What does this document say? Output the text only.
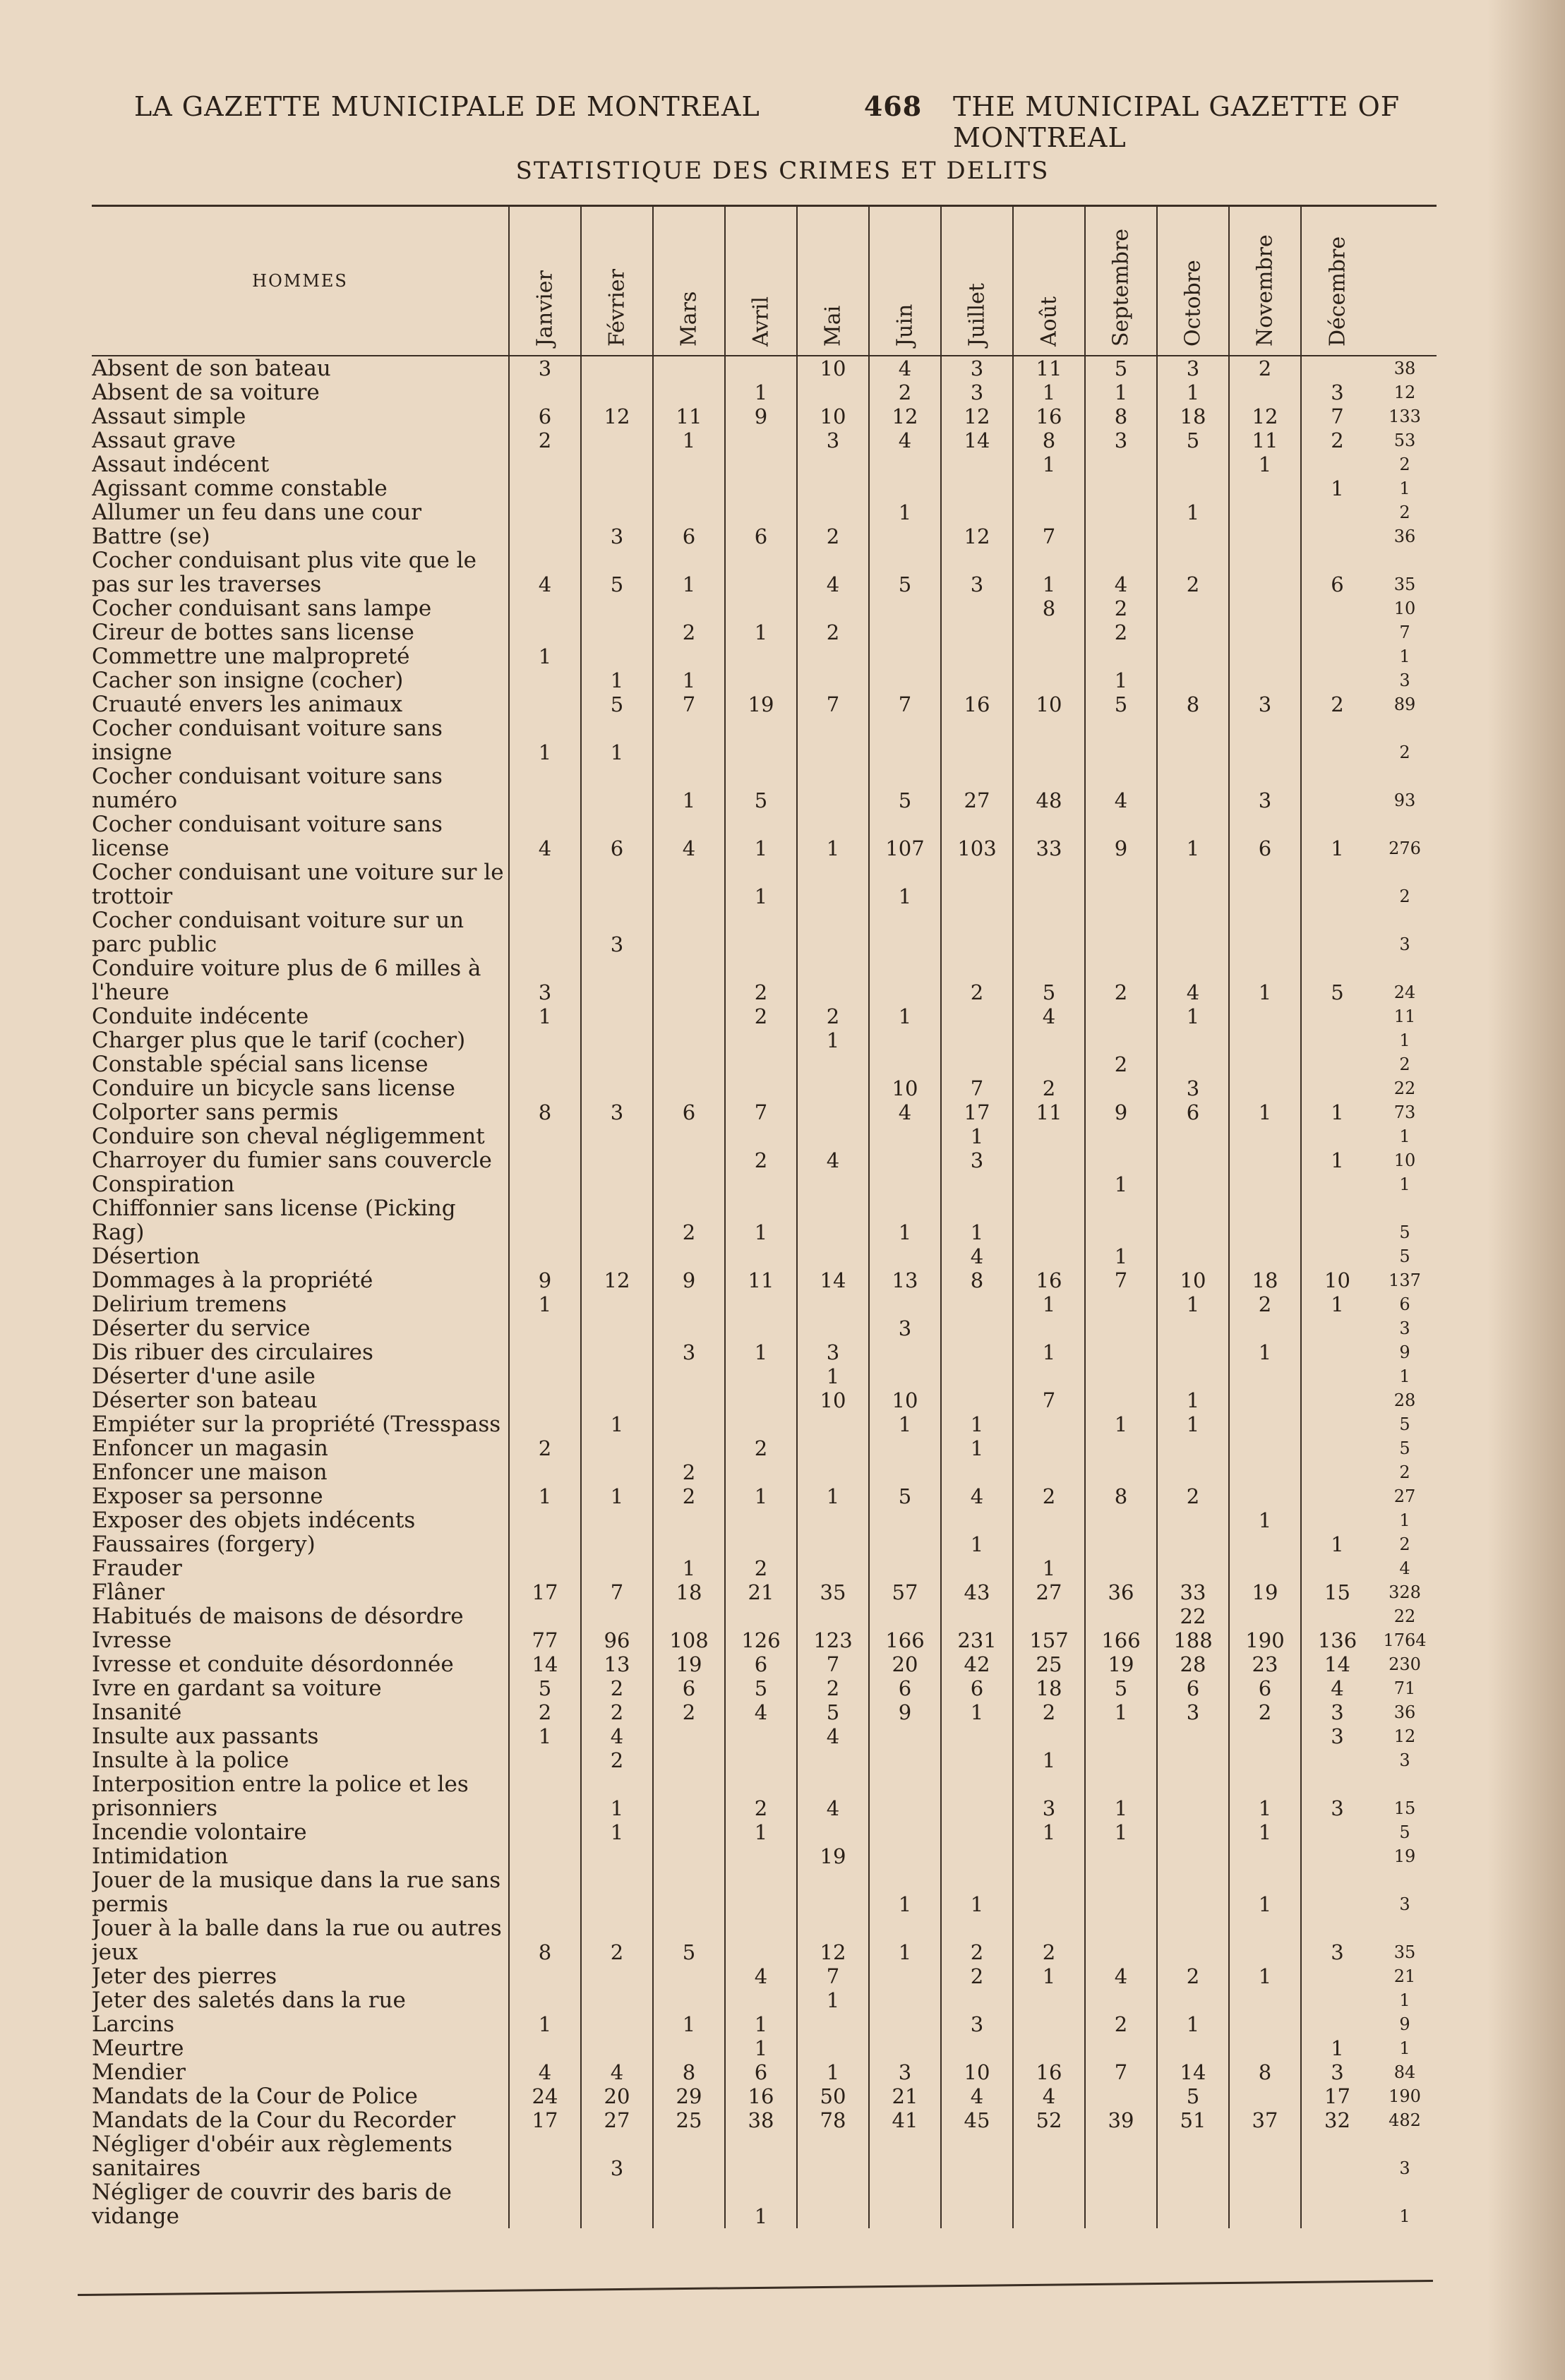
LA GAZETTE MUNICIPALE DE MONTREAL	468	THE MUNICIPAL GAZETTE OF MONTREAL
STATISTIQUE DES CRIMES ET DELITS
HOMMES	Janvier	Février	Mars	Avril	Mai	Juin	Juillet	Août	Septembre	Octobre	Novembre	Décembre	

Absent de son bateau	3				10	4	3	11	5	3	2		38
Absent de sa voiture				1		2	3	1	1	1		3	12
Assaut simple	6	12	11	9	10	12	12	16	8	18	12	7	133
Assaut grave	2		1		3	4	14	8	3	5	11	2	53
Assaut indécent								1			1		2
Agissant comme constable												1	1
Allumer un feu dans une cour						1				1			2
Battre (se)		3	6	6	2		12	7					36
Cocher conduisant plus vite que le pas sur les traverses	4	5	1		4	5	3	1	4	2		6	35
Cocher conduisant sans lampe								8	2				10
Cireur de bottes sans license			2	1	2				2				7
Commettre une malpropreté	1												1
Cacher son insigne (cocher)		1	1						1				3
Cruauté envers les animaux		5	7	19	7	7	16	10	5	8	3	2	89
Cocher conduisant voiture sans insigne	1	1											2
Cocher conduisant voiture sans numéro			1	5		5	27	48	4		3		93
Cocher conduisant voiture sans license	4	6	4	1	1	107	103	33	9	1	6	1	276
Cocher conduisant une voiture sur le trottoir				1		1							2
Cocher conduisant voiture sur un parc public		3											3
Conduire voiture plus de 6 milles à l'heure	3			2			2	5	2	4	1	5	24
Conduite indécente	1			2	2	1		4		1			11
Charger plus que le tarif (cocher)					1								1
Constable spécial sans license									2				2
Conduire un bicycle sans license						10	7	2		3			22
Colporter sans permis	8	3	6	7		4	17	11	9	6	1	1	73
Conduire son cheval négligemment							1						1
Charroyer du fumier sans couvercle				2	4		3					1	10
Conspiration									1				1
Chiffonnier sans license (Picking Rag)			2	1		1	1						5
Désertion							4		1				5
Dommages à la propriété	9	12	9	11	14	13	8	16	7	10	18	10	137
Delirium tremens	1							1		1	2	1	6
Déserter du service						3							3
Dis ribuer des circulaires			3	1	3			1			1		9
Déserter d'une asile					1								1
Déserter son bateau					10	10		7		1			28
Empiéter sur la propriété (Tresspass		1				1	1		1	1			5
Enfoncer un magasin	2			2			1						5
Enfoncer une maison			2										2
Exposer sa personne	1	1	2	1	1	5	4	2	8	2			27
Exposer des objets indécents											1		1
Faussaires (forgery)							1					1	2
Frauder			1	2				1					4
Flâner	17	7	18	21	35	57	43	27	36	33	19	15	328
Habitués de maisons de désordre										22			22
Ivresse	77	96	108	126	123	166	231	157	166	188	190	136	1764
Ivresse et conduite désordonnée	14	13	19	6	7	20	42	25	19	28	23	14	230
Ivre en gardant sa voiture	5	2	6	5	2	6	6	18	5	6	6	4	71
Insanité	2	2	2	4	5	9	1	2	1	3	2	3	36
Insulte aux passants	1	4			4							3	12
Insulte à la police		2						1					3
Interposition entre la police et les prisonniers		1		2	4			3	1		1	3	15
Incendie volontaire		1		1				1	1		1		5
Intimidation					19								19
Jouer de la musique dans la rue sans permis						1	1				1		3
Jouer à la balle dans la rue ou autres jeux	8	2	5		12	1	2	2				3	35
Jeter des pierres				4	7		2	1	4	2	1		21
Jeter des saletés dans la rue					1								1
Larcins	1		1	1			3		2	1			9
Meurtre				1								1	1
Mendier	4	4	8	6	1	3	10	16	7	14	8	3	84
Mandats de la Cour de Police	24	20	29	16	50	21	4	4		5		17	190
Mandats de la Cour du Recorder	17	27	25	38	78	41	45	52	39	51	37	32	482
Négliger d'obéir aux règlements sanitaires		3											3
Négliger de couvrir des baris de vidange				1									1
